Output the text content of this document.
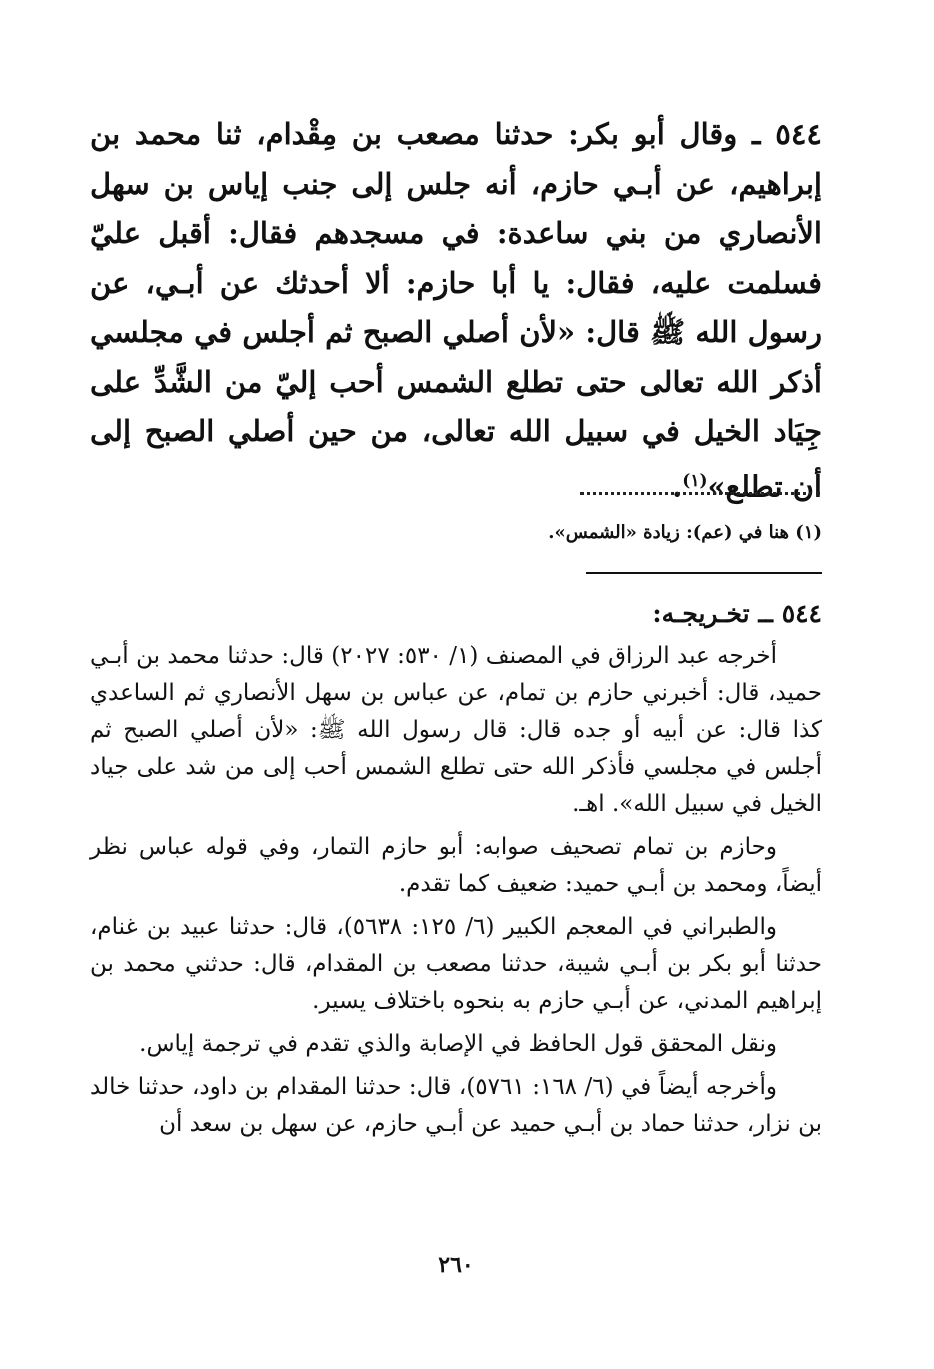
٥٤٤ ـ وقال أبو بكر: حدثنا مصعب بن مِقْدام، ثنا محمد بن إبراهيم، عن أبـي حازم، أنه جلس إلى جنب إياس بن سهل الأنصاري من بني ساعدة: في مسجدهم فقال: أقبل عليّ فسلمت عليه، فقال: يا أبا حازم: ألا أحدثك عن أبـي، عن رسول الله ﷺ قال: «لأن أصلي الصبح ثم أجلس في مجلسي أذكر الله تعالى حتى تطلع الشمس أحب إليّ من الشَّدِّ على جِيَاد الخيل في سبيل الله تعالى، من حين أصلي الصبح إلى أن تطلع»$^{(١)}$.

(١) هنا في (عم): زيادة «الشمس».

٥٤٤ ــ تخـريجـه:

أخرجه عبد الرزاق في المصنف (١/ ٥٣٠: ٢٠٢٧) قال: حدثنا محمد بن أبـي حميد، قال: أخبرني حازم بن تمام، عن عباس بن سهل الأنصاري ثم الساعدي كذا قال: عن أبيه أو جده قال: قال رسول الله ﷺ: «لأن أصلي الصبح ثم أجلس في مجلسي فأذكر الله حتى تطلع الشمس أحب إلى من شد على جياد الخيل في سبيل الله». اهـ.

وحازم بن تمام تصحيف صوابه: أبو حازم التمار، وفي قوله عباس نظر أيضاً، ومحمد بن أبـي حميد: ضعيف كما تقدم.

والطبراني في المعجم الكبير (٦/ ١٢٥: ٥٦٣٨)، قال: حدثنا عبيد بن غنام، حدثنا أبو بكر بن أبـي شيبة، حدثنا مصعب بن المقدام، قال: حدثني محمد بن إبراهيم المدني، عن أبـي حازم به بنحوه باختلاف يسير.

ونقل المحقق قول الحافظ في الإصابة والذي تقدم في ترجمة إياس.

وأخرجه أيضاً في (٦/ ١٦٨: ٥٧٦١)، قال: حدثنا المقدام بن داود، حدثنا خالد بن نزار، حدثنا حماد بن أبـي حميد عن أبـي حازم، عن سهل بن سعد أن

٢٦٠
